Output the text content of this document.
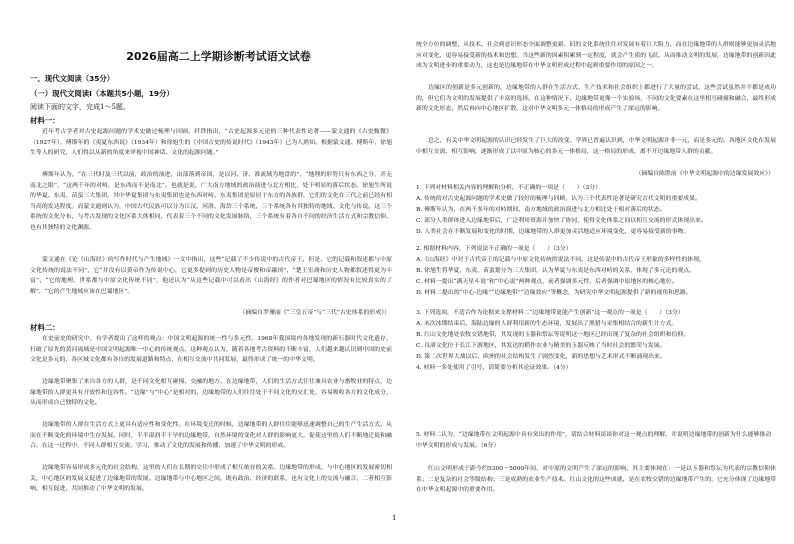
2026届高二上学期诊断考试语文试卷
一、现代文阅读（35分）
（一）现代文阅读Ⅰ（本题共5小题，19分）
阅读下面的文字，完成1～5题。
材料一：

近年考古学者对古史起源问题的学术史做过梳理与回顾。纤铁指出，“古史起源多元论的三种代表性论著——蒙文通的《古史甄微》（1927年），傅斯年的《夷夏东西说》（1934年）和徐旭生的《中国古史的传说时代》（1943年）已为人熟知。根据蒙文通、傅斯年、徐旭生等人的研究，人们得以从新的角度来审视中国神话、文化的起源问题。”

傅斯年认为，“在三代时及三代以前，政治的演进，由部落到帝国，是以河、济、淮流域为地盘的”，“地理的形势只有东西之分，并无南北之限”，“这两千年的对峙，是东西而不是南北”。也就是说，广大南方地域的政治演进与北方相比，处于明显的落后状态。徐旭生所说的华夏、东夷、苗蛮三大集团，其中华夏集团与东夷集团也是东西对峙。东夷集团是原居于东方的各族群，它们的文化在三代之前已经有相当高的发达程度。而蒙文通则认为，中国古代民族可以分为江汉、河洛、海岱三个系统，三个系统各有其独特的地域、文化与传说。这三个系统的文化分布，与考古发现的文化区系大体相同，代表着三个不同的文化发展脉络，三个系统有着各自不同的经济生活方式和宗教信仰，也有其独特的文化渊源。

蒙文通在《论《山海经》的写作时代与产生地域》一文中指出，这些“记载了不少传说中的古代帝王，但是，它的记载和叙述都与中原文化传统的说法不同”，它“并没有以黄帝作为传说中心，它更多提到的历史人物是帝俊和帝颛顼”，“楚王室裔和历史人物都叙述得更为丰富”，“它的地理、世系都与中原文化传统不同”，他还认为“从这些记载中可以看出《山海经》的作者对巴蜀地区的情况有比较真实的了解”，“它的产生地域应该在巴蜀地区”。

（摘编自罗珊丽《“三皇五帝”与“三代”古史体系的形成》）
材料二：

在史前史的研究中，有学者提出了这样的观点：中国文明起源的统一性与多元性，1968年我国境内各地发现的新石器时代文化遗存，打破了原先的黄河流域是中国文明起源唯一中心的传统观点。这种观点认为，随着各地考古资料的不断丰富，人们越来越认识到中国的史前文化是多元的，各区域文化都有各自的发展道路和特点，在相互交流中共同发展，最终形成了统一的中华文明。

边缘地带聚集了来自各方的人群，是不同文化相互碰撞、交融的地方。在边缘地带，人们的生活方式往往兼具农业与畜牧业的特点，边缘地带的人群更具有开放性和包容性。“边缘”与“中心”是相对的，边缘地带的人们往往处于不同文化的交汇处，容易吸收各方的文化成分，从而形成自己独特的文化。

边缘地带的人群在生活方式上更具有适应性和变化性。在环境变迁的时候，边缘地带的人群往往能够迅速调整自己的生产生活方式，从而在不断变化的环境中生存发展。同时，半半湿润半干旱的边缘地带，自然环境的变化对人群的影响更大，促使这里的人们不断地迁徙和融合。在这一过程中，不同人群相互交流、学习，推动了文化的发展和传播，加速了中华文明的形成。

边缘地带容易形成多元化的社会结构，这里的人们在长期的交往中形成了相互依存的关系。边缘地带的形成，与中心地区的发展密切相关，中心地区的发展又促进了边缘地带的发展。边缘地带与中心地区之间，既有政治、经济的联系，也有文化上的交流与融合，二者相互影响、相互促进，共同推动了中华文明的发展。

统全方位的调整，从技术、社会到意识形态全面调整更新。旧的文化系统往往对发展有着巨大阻力，而在边缘地带的人群则能够更加灵活地应对变化，更容易接受新的技术和思想。当这些新的因素积累到一定程度，就会产生质的飞跃，从而推动文明的发展，边缘地带的创新因此成为文明进步的重要动力，这也是边缘地带在中华文明形成过程中起到重要作用的原因之一。

边缘区的创新是多元创新的，边缘地带的人群在生活方式、生产技术和社会组织上都进行了大量的尝试，这些尝试虽然并不都是成功的，但它们为文明的发展提供了丰富的选择。在这种情况下，边缘地带更像一个实验场，不同的文化要素在这里相互碰撞和融合，最终形成新的文化形态，然后再向中心地区扩散，这对中华文明多元一体格局的形成产生了深远的影响。

总之，有关中华文明起源的认识已经发生了巨大的改变。学界已普遍认识到，中华文明起源并非一元，而是多元的。各地区文化在发展中相互交流、相互影响，逐渐形成了以中原为核心的多元一体格局，这一格局的形成，离不开边缘地带人群的贡献。

（摘编自陈胜前《中华文明起源中的边缘发展效应》）

1. 下列对材料相关内容的理解和分析，不正确的一项是（　　）（3分）

A. 传统的对古史起源问题的学术史做了较好的梳理与回顾，认为三个代表性论著是研究古代文明的重要成果。

B. 傅斯年认为，在两千多年的对峙期间，南方地域的政治演进与北方相比处于相对落后的状态。

C. 部分人类群体进入边缘地带后，广泛利用资源并加快了协同，使得文化体系之间以相互交流的形式体现出来。

D. 人类社会在不断发展和变化的时期，边缘地带的人群更加灵活地适应环境变化，更容易接受新的事物。

2. 根据材料内容，下列说法不正确的一项是（　　）（3分）

A.《山海经》中对于古代帝王的记载与中原文化传统的说法不同，这是传说中的古代帝王形象的多样性的体现。

B. 徐旭生将华夏、东夷、苗蛮划分为三大集团，认为华夏与东夷是东西对峙的关系，体现了多元论的观点。

C. 材料一提出“满天星斗说”和“中心说”两种观点，前者强调多元性，后者强调中原地区的核心地位。

D. 材料二提出的“中心-边缘”“边缘地带”“边缘效应”等概念，为研究中华文明起源提供了新的视角和思路。

3. 下列选项，不适合作为论据来支撑材料二“边缘地带更能产生创新”这一观点的一项是（　　）（3分）

A. 末次冰期结束后，海陆边缘的人群利用新的生态环境，发展出了渔猎与采集相结合的新生计方式。

B. 红山文化地处农牧交错地带，其发现的玉器和祭坛等说明这一地区已经出现了复杂的社会组织和信仰。

C. 良渚文化位于长江下游地区，其发达的稻作农业与精美的玉器反映了当时社会的繁荣与发展。

D. 第二次世界大战以后，欧洲的社会结构发生了剧烈变化，新的思想与艺术形式不断涌现出来。

4. 材料一多处使用了引号，请简要分析其论证效果。（4分）

5. 材料二认为，“边缘地带在文明起源中具有突出的作用”，请结合材料谈谈你对这一观点的理解，并说明边缘地带的创新为什么能够推动中华文明的形成与发展。（6分）

红山文明形成于距今约5300～5000年间，对中原的文明产生了深远的影响。其主要体现在：一是以玉器和祭坛为代表的宗教信仰体系；二是复杂的社会等级结构；三是成熟的农业生产技术。红山文化的这些成就，是在农牧交错的边缘地带产生的，它充分体现了边缘地带在中华文明起源中的重要作用。

1
